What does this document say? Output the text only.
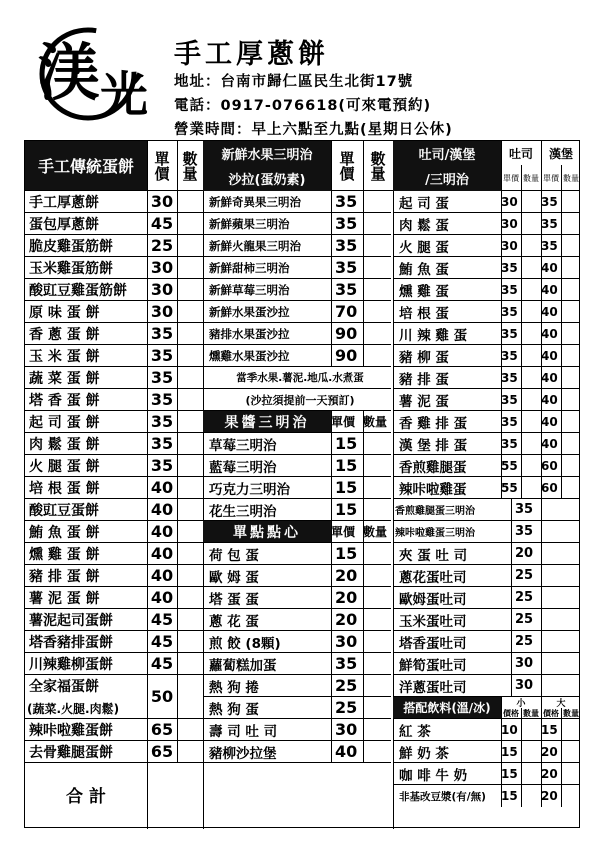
渼 光
手工厚蔥餅
地址：台南市歸仁區民生北街17號
電話：0917-076618(可來電預約)
營業時間：早上六點至九點(星期日公休)
手工傳統蛋餅	單價 數量
手工厚蔥餅	30
蛋包厚蔥餅	45
脆皮雞蛋筋餅	25
玉米雞蛋筋餅	30
酸豇豆雞蛋筋餅	30
原 味 蛋 餅	30
香 蔥 蛋 餅	35
玉 米 蛋 餅	35
蔬 菜 蛋 餅	35
塔 香 蛋 餅	35
起 司 蛋 餅	35
肉 鬆 蛋 餅	35
火 腿 蛋 餅	35
培 根 蛋 餅	40
酸豇豆蛋餅	40
鮪 魚 蛋 餅	40
燻 雞 蛋 餅	40
豬 排 蛋 餅	40
薯 泥 蛋 餅	40
薯泥起司蛋餅	45
塔香豬排蛋餅	45
川辣雞柳蛋餅	45
全家福蛋餅
(蔬菜.火腿.肉鬆)
50
辣咔啦雞蛋餅	65
去骨雞腿蛋餅	65
合 計
新鮮水果三明治
沙拉(蛋奶素)	單價 數量
新鮮奇異果三明治	35
新鮮蘋果三明治	35
新鮮火龍果三明治	35
新鮮甜柿三明治	35
新鮮草莓三明治	35
新鮮水果蛋沙拉	70
豬排水果蛋沙拉	90
燻雞水果蛋沙拉	90
當季水果.薯泥.地瓜.水煮蛋
(沙拉須提前一天預訂)
果醬三明治	單價 數量
草莓三明治	15
藍莓三明治	15
巧克力三明治	15
花生三明治	15
單點點心	單價 數量
荷 包 蛋	15
歐 姆 蛋	20
塔 蛋 蛋	20
蔥 花 蛋	20
煎 餃 (8顆)	30
蘿蔔糕加蛋	35
熱 狗 捲	25
熱 狗 蛋	25
壽 司 吐 司	30
豬柳沙拉堡	40
吐司/漢堡
/三明治
吐司	漢堡
單價 數量 單價 數量
起 司 蛋	30 35
肉 鬆 蛋	30 35
火 腿 蛋	30 35
鮪 魚 蛋	35 40
燻 雞 蛋	35 40
培 根 蛋	35 40
川 辣 雞 蛋	35 40
豬 柳 蛋	35 40
豬 排 蛋	35 40
薯 泥 蛋	35 40
香 雞 排 蛋	35 40
漢 堡 排 蛋	35 40
香煎雞腿蛋	55 60
辣咔啦雞蛋	55 60
香煎雞腿蛋三明治	35
辣咔啦雞蛋三明治	35
夾 蛋 吐 司	20
蔥花蛋吐司	25
歐姆蛋吐司	25
玉米蛋吐司	25
塔香蛋吐司	25
鮮筍蛋吐司	30
洋蔥蛋吐司	30
搭配飲料(溫/冰)	小	大
價格 數量 價格 數量
紅 茶	10 15
鮮 奶 茶	15 20
咖 啡 牛 奶	15 20
非基改豆漿(有/無)	15 20
